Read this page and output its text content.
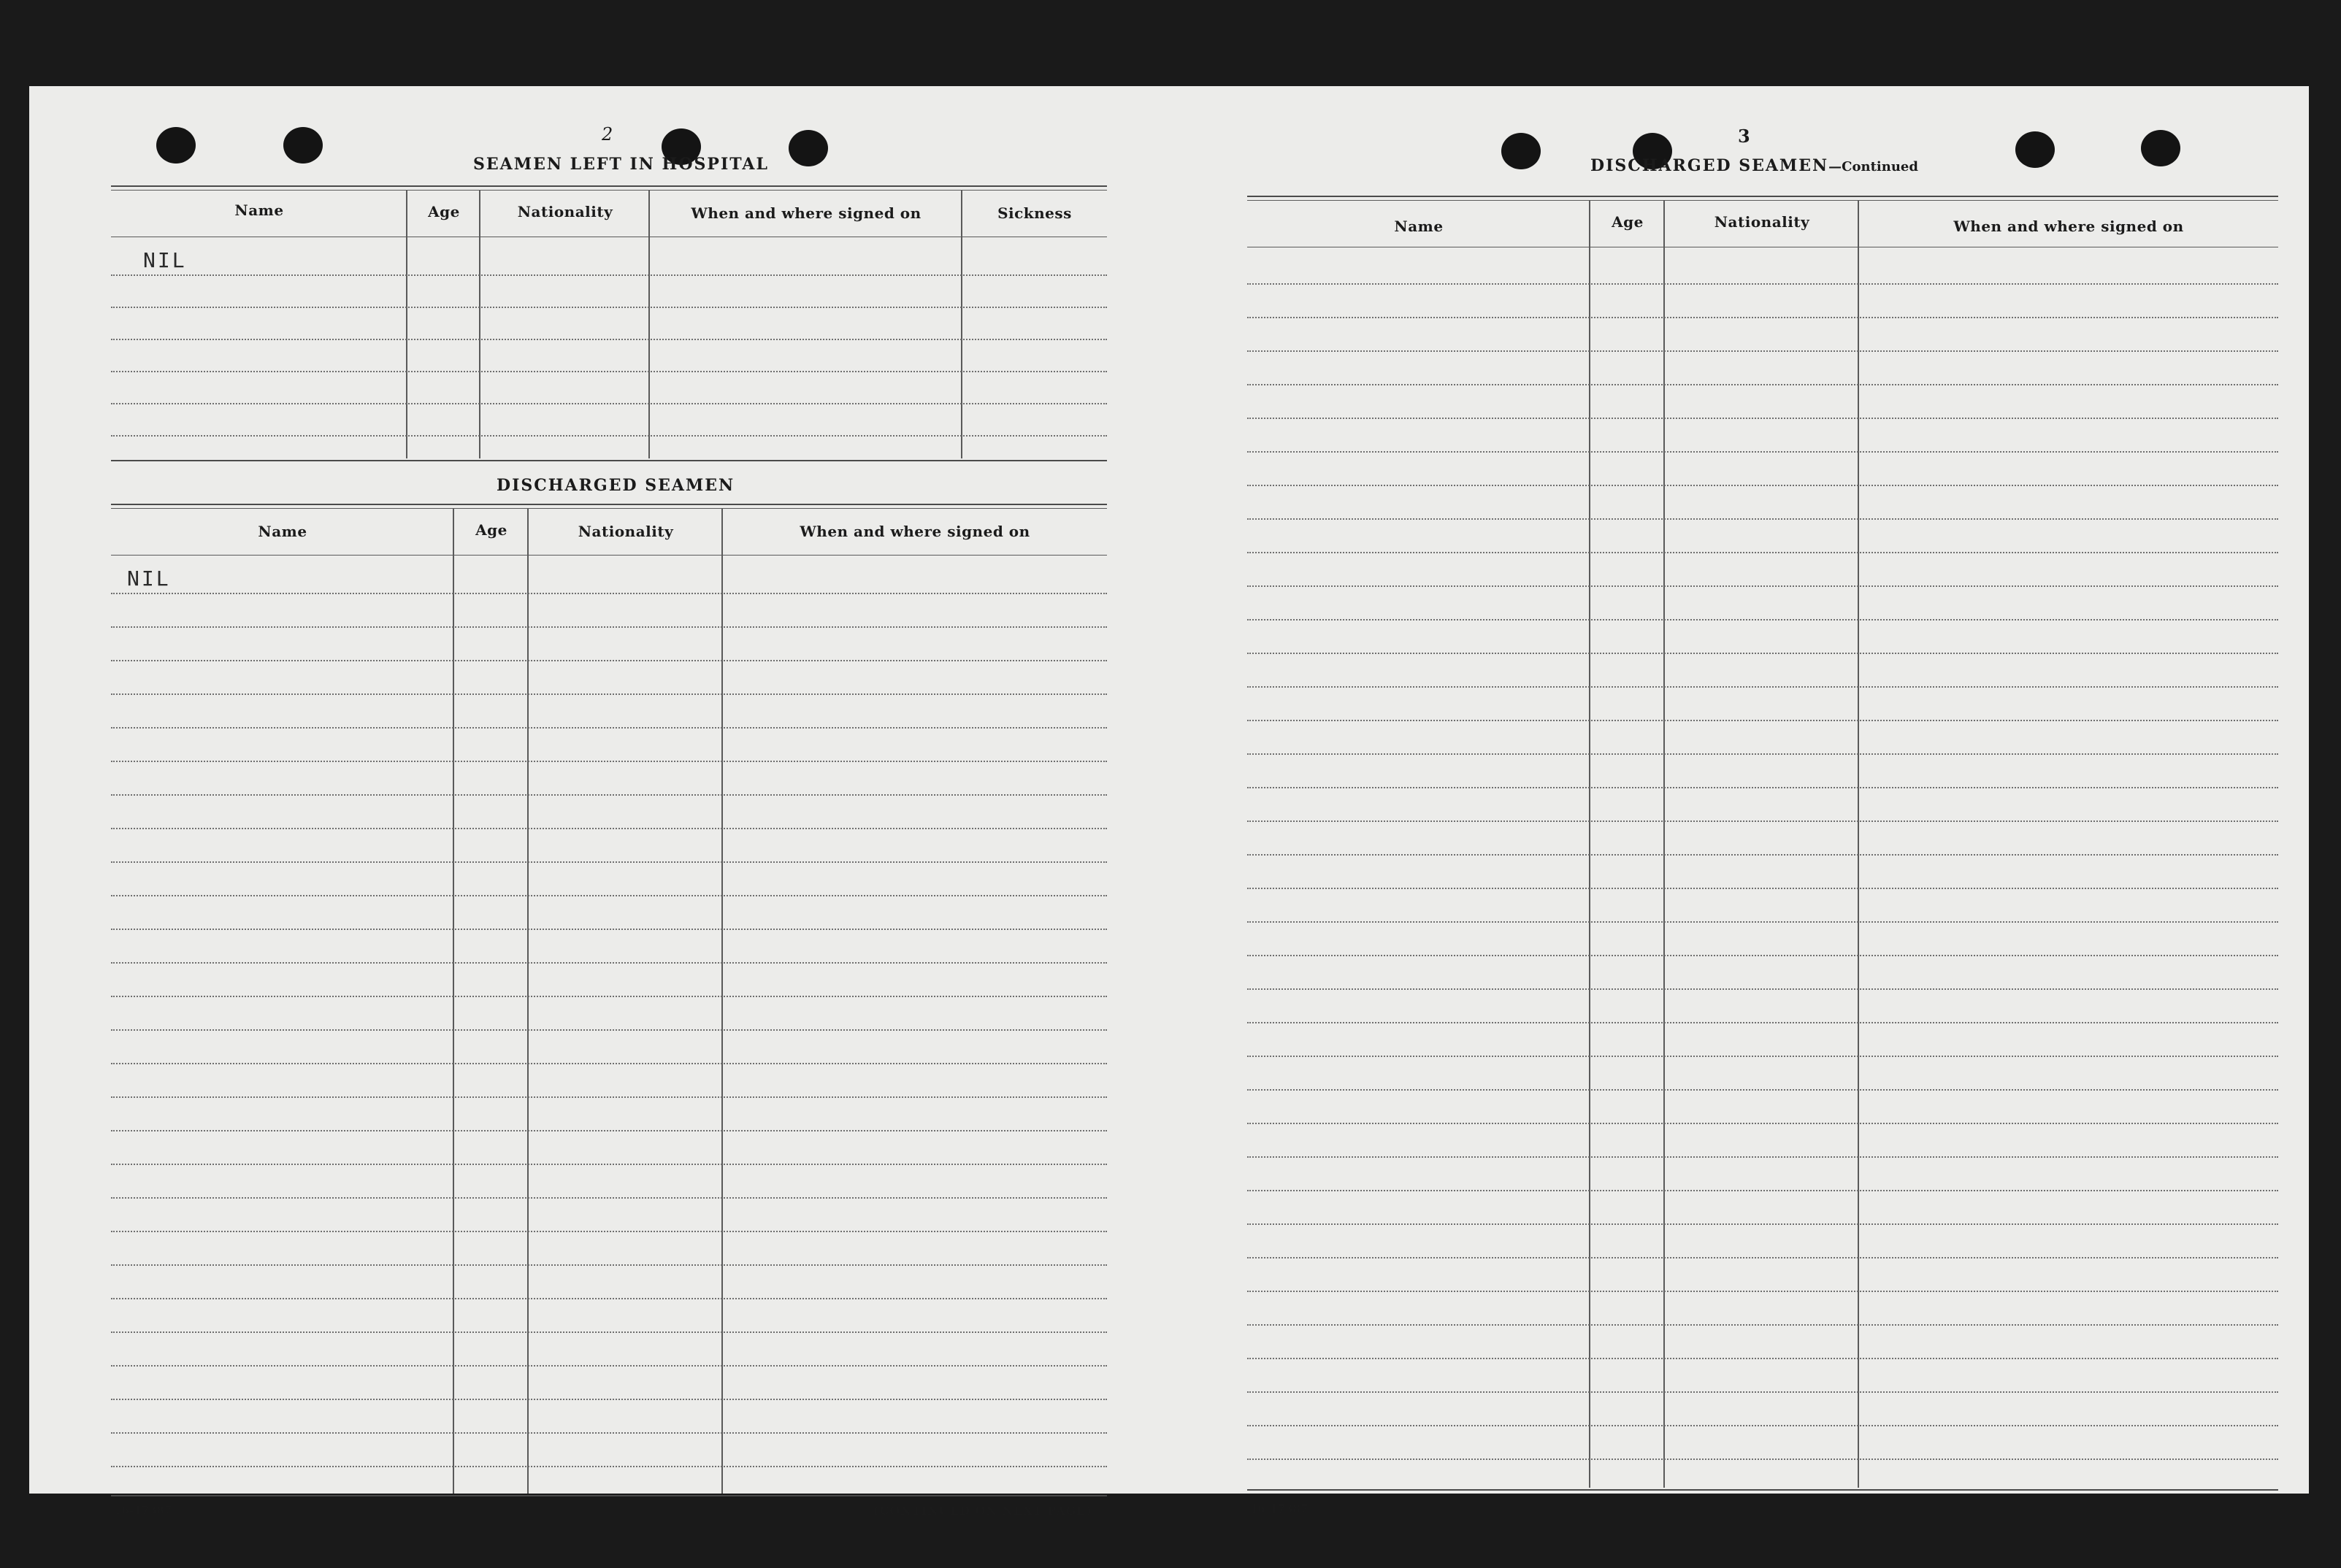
2
SEAMEN LEFT IN HOSPITAL
Name	Age	Nationality	When and where signed on	Sickness
NIL
DISCHARGED SEAMEN
Name	Age	Nationality	When and where signed on
NIL
16-17387	(CONTINUED ON NEXT PAGE)
3
DISCHARGED SEAMEN—Continued
Name	Age	Nationality	When and where signed on
16-17387
